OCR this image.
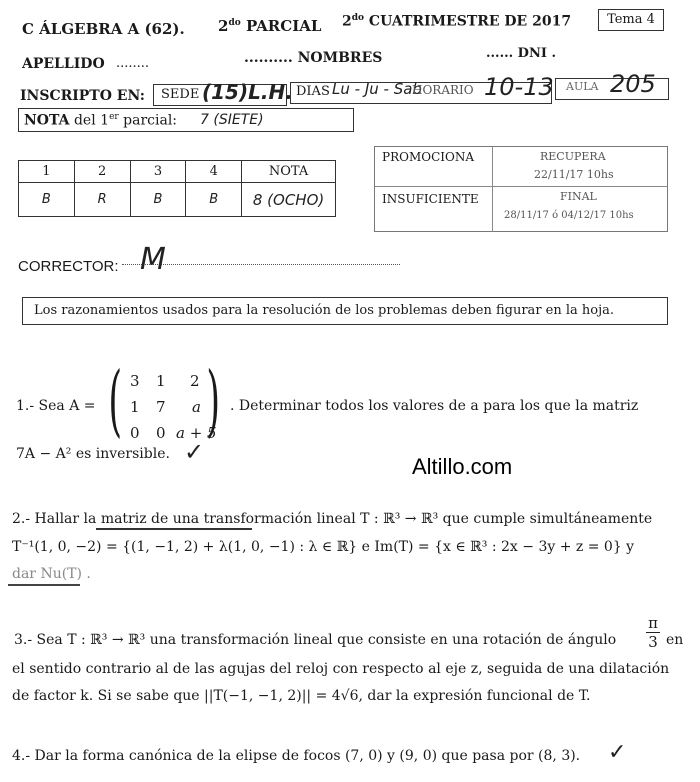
C ÁLGEBRA A (62). $2^{do}$ PARCIAL $2^{do}$ CUATRIMESTRE DE 2017	Tema 4
APELLIDO ........	.......... NOMBRES	...... DNI .
INSCRIPTO EN: SEDE (15)L.H. DIAS Lu - Ju - Sab
HORARIO 10-13 AULA 205
NOTA del 1er parcial: 7 (SIETE)
1	2	3	4	NOTA
B	R	B	B	8 (OCHO)
PROMOCIONA	RECUPERA
22/11/17 10hs
INSUFICIENTE	FINAL
28/11/17 ó 04/12/17 10hs
CORRECTOR: M
Los razonamientos usados para la resolución de los problemas deben figurar en la hoja.
1.- Sea A = ( )
3 1 2
1 7 a
0 0 a + 5
. Determinar todos los valores de a para los que la matriz
7A − A² es inversible. ✓
Altillo.com
2.- Hallar la matriz de una transformación lineal T : ℝ³ → ℝ³ que cumple simultáneamente
T⁻¹(1, 0, −2) = {(1, −1, 2) + λ(1, 0, −1) : λ ∈ ℝ} e Im(T) = {x ∈ ℝ³ : 2x − 3y + z = 0} y
dar Nu(T) .
3.- Sea T : ℝ³ → ℝ³ una transformación lineal que consiste en una rotación de ángulo
π
3 en
el sentido contrario al de las agujas del reloj con respecto al eje z, seguida de una dilatación
de factor k. Si se sabe que ||T(−1, −1, 2)|| = 4√6, dar la expresión funcional de T.
4.- Dar la forma canónica de la elipse de focos (7, 0) y (9, 0) que pasa por (8, 3). ✓
